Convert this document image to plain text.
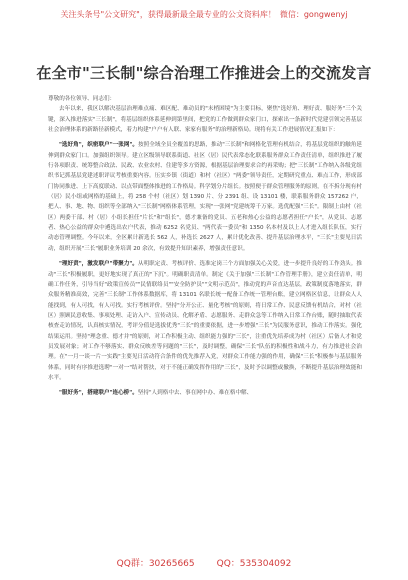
关注头条号"公文研究"，获得最新最全最专业的公文资料库！ 微信：gongwenyj
在全市"三长制"综合治理工作推进会上的交流发言

尊敬的各位领导、同志们：

去年以来，我区以解决基层治理难点痛、难区配、难动员的"末梢困境"为主要目标，聚焦"选好角、理好责、服好务"三个关键，深入推进落实"三长制"，将基层组织体系延伸到第里间，把党的工作做到群众家门口，探索出一条新时代党建引领完善基层社会治理体系的新路径新模式，着力构建"户户有人联、家家有服务"的治理新格局。现将有关工作进展情况汇报如下：

"选好角"，织密联户"一张网"。按照全域全员全覆盖的思路，推动"三长制"和网格化管理有机结合，将基层党组织的触角延伸到群众家门口。加强组织领导。建立区级领导联系街道、社区（居）民代表常态化联系服务群众工作责任清单，组织推进了履行各项职责、统筹整合政法、民政、农业农村、住建等多方资源，根据基层治理要求合约再采购；把"三长制"工作纳入各级党组织书记抓基层党建述职评议考核重要内容。压实乡镇（街道）和村（社区）"两委"领导责任，定期研究重点、难点工作，形成部门协同推进、上下高度联动、以点带面整体推进的工作格局。科学划分片组长。按照便于群众管理服务的原则，在不拆分现有村（居）民小组或网格的基础上，将 258 个村（社区）划 1390 片、分 2391 组、设 13101 楼，联系服务群众 157262 户，把人、事、地、物、组织等全部纳入"三长制"网格体系管理，实现"一张网"党建统筹千万家。选优配强"三长"。限制上由村（社区）两委干部、村（居）小组长担任"片长"和"组长"，德才兼备的党员、五老和热心公益的志愿者担任"户长"，从党员、志愿者、热心公益的群众中遴选出农户代表，推动 6252 名党员、"两代表一委员"和 1350 名本村及以上人才进入组长队伍，实行动态管理调整。今年以来，全区累计新选长 562 人，补选长 2627 人，累计优化改善、提升基层治理水平，"三长"主要见日活动，组织开展"三长"履职业务培训 20 余次，有效提升知识素养，增强责任意识。

"理好责"，激发联户"带聚力"。从明职定责、考核评价、选准定岗三个方面加强关心关爱，进一步提升良好的工作劲头。推动"三长"积极履职，更好地实现了真正的"下沉"。明确职责清单。制定《关于加强"三长制"工作管理手册》，建立责任清单，明确工作任务，引导当好"政策宣传员""民情联络员""安全防护员""文明示范员"，推动党的声音直达基层，政策制度落地落实，群众服务精准高效，完善"三长制"工作体系数据库，将 13101 名联长统一配备工作统一管理台账，建立网格区信息，让群众人人能找到，有人可找，有人可找。实行考核评价。坚持"分开公正、量化考核"的原则，将日常工作、民意反馈有机结合，对村（社区）照顾民意收集、事项处理、走访入户、宣传动员、化解矛盾、志愿服务、走群众急等工作纳入日常工作台账，随时抽取代表核查走访情况，认真核实情况，考评分值是选拔优秀"三长"的重要依据，进一步增强"三长"为民服务意识，推动工作落实。强化结果运用。坚持"理念重、德才并"的原则，对工作积极主动、组织能力强的"三长"，注重优先培养成为村（社区）后备人才和党员发展对象；对工作不够落实、群众反映差等问题的"三长"，及时调整，确保"三长"队伍的积极性和战斗力，有力推进社会治理。在"一月一谈一片一实践"主要见日活动符合条件的优先推荐入党，对群众工作能力强的作用，确保"三长"积极参与基层服务体系，同时有序推进选聘"一对一"结对帮扶，对于不能正确发挥作用的"三长"，及时予以调整或撤换，不断提升基层治理效能和水平。

"服好务"，搭建联户"连心桥"。坚持"人到格中去、事在网中办、难在格中解、

QQ群：30265665 QQ：535304092
